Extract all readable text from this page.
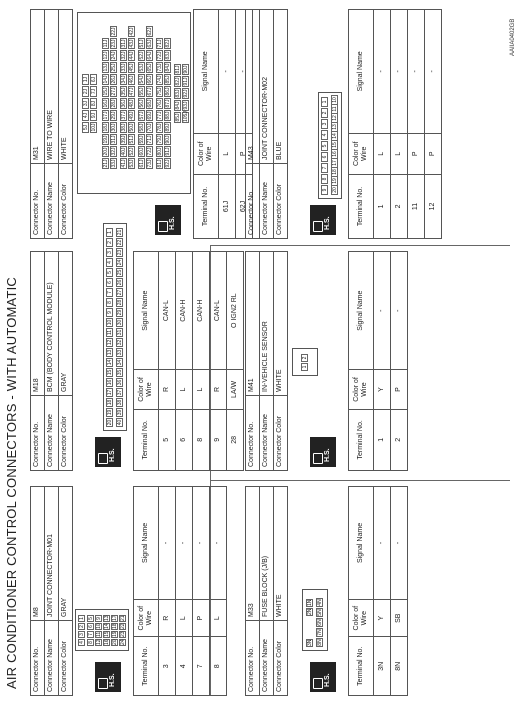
AIR CONDITIONER CONTROL CONNECTORS - WITH AUTOMATIC
AAIIA0402GB
Connector No.	M8
Connector Name	JOINT CONNECTOR-M01
Connector Color	GRAY
H.S.
4
3
2
1
8
7
6
5
12
11
10
9
16
15
14
13
20
19
18
17
24
23
22
21
Terminal No.	Color of Wire	Signal Name
3	R	-
4	L	-
7	P	-
8	L	-
Connector No.	M18
Connector Name	BCM (BODY CONTROL MODULE)
Connector Color	GRAY
H.S.
20
19
18
17
16
15
14
13
12
11
10
9
8
7
6
5
4
3
2
1
40
39
38
37
36
35
34
33
32
31
30
29
28
27
26
25
24
23
22
21
Terminal No.	Color of Wire	Signal Name
5	R	CAN-L
6	L	CAN-H
8	L	CAN-H
9	R	CAN-L
28	LA/W	O IGN2 RL
Connector No.	M31
Connector Name	WIRE TO WIRE
Connector Color	WHITE
H.S.
5J
4J
3J
2J
1J
10J
9J
8J
7J
6J
21J
20J
19J
18J
17J
16J
15J
14J
13J
12J
11J
33J
32J
31J
30J
29J
28J
27J
26J
25J
24J
23J
22J
41J
40J
39J
38J
37J
36J
35J
34J
33J
32J
31J
53J
52J
51J
50J
49J
48J
47J
46J
45J
44J
43J
42J
61J
60J
59J
58J
57J
56J
55J
54J
53J
52J
51J
73J
72J
71J
70J
69J
68J
67J
66J
65J
64J
63J
62J
81J
80J
79J
78J
77J
76J
75J
74J
73J
72J
71J
92J
91J
90J
89J
88J
87J
86J
85J
84J
83J
82J
85J
84J
83J
82J
81J
105J
93J
92J
91J
90J
Terminal No.	Color of Wire	Signal Name
61J	L	-
62J	P	-
Connector No.	M33
Connector Name	FUSE BLOCK (J/B)
Connector Color	WHITE
H.S.
3N
2N
1N
8N
7N
6N
5N
4N
Terminal No.	Color of Wire	Signal Name
3N	Y	-
8N	SB	-
Connector No.	M41
Connector Name	IN-VEHICLE SENSOR
Connector Color	WHITE
H.S.
1
2
Terminal No.	Color of Wire	Signal Name
1	Y	-
2	P	-
Connector No.	M43
Connector Name	JOINT CONNECTOR-M02
Connector Color	BLUE
H.S.
9
8
7
6
5
4
3
2
1
20
19
18
17
16
15
14
13
12
11
10
Terminal No.	Color of Wire	Signal Name
1	L	-
2	L	-
11	P	-
12	P	-
